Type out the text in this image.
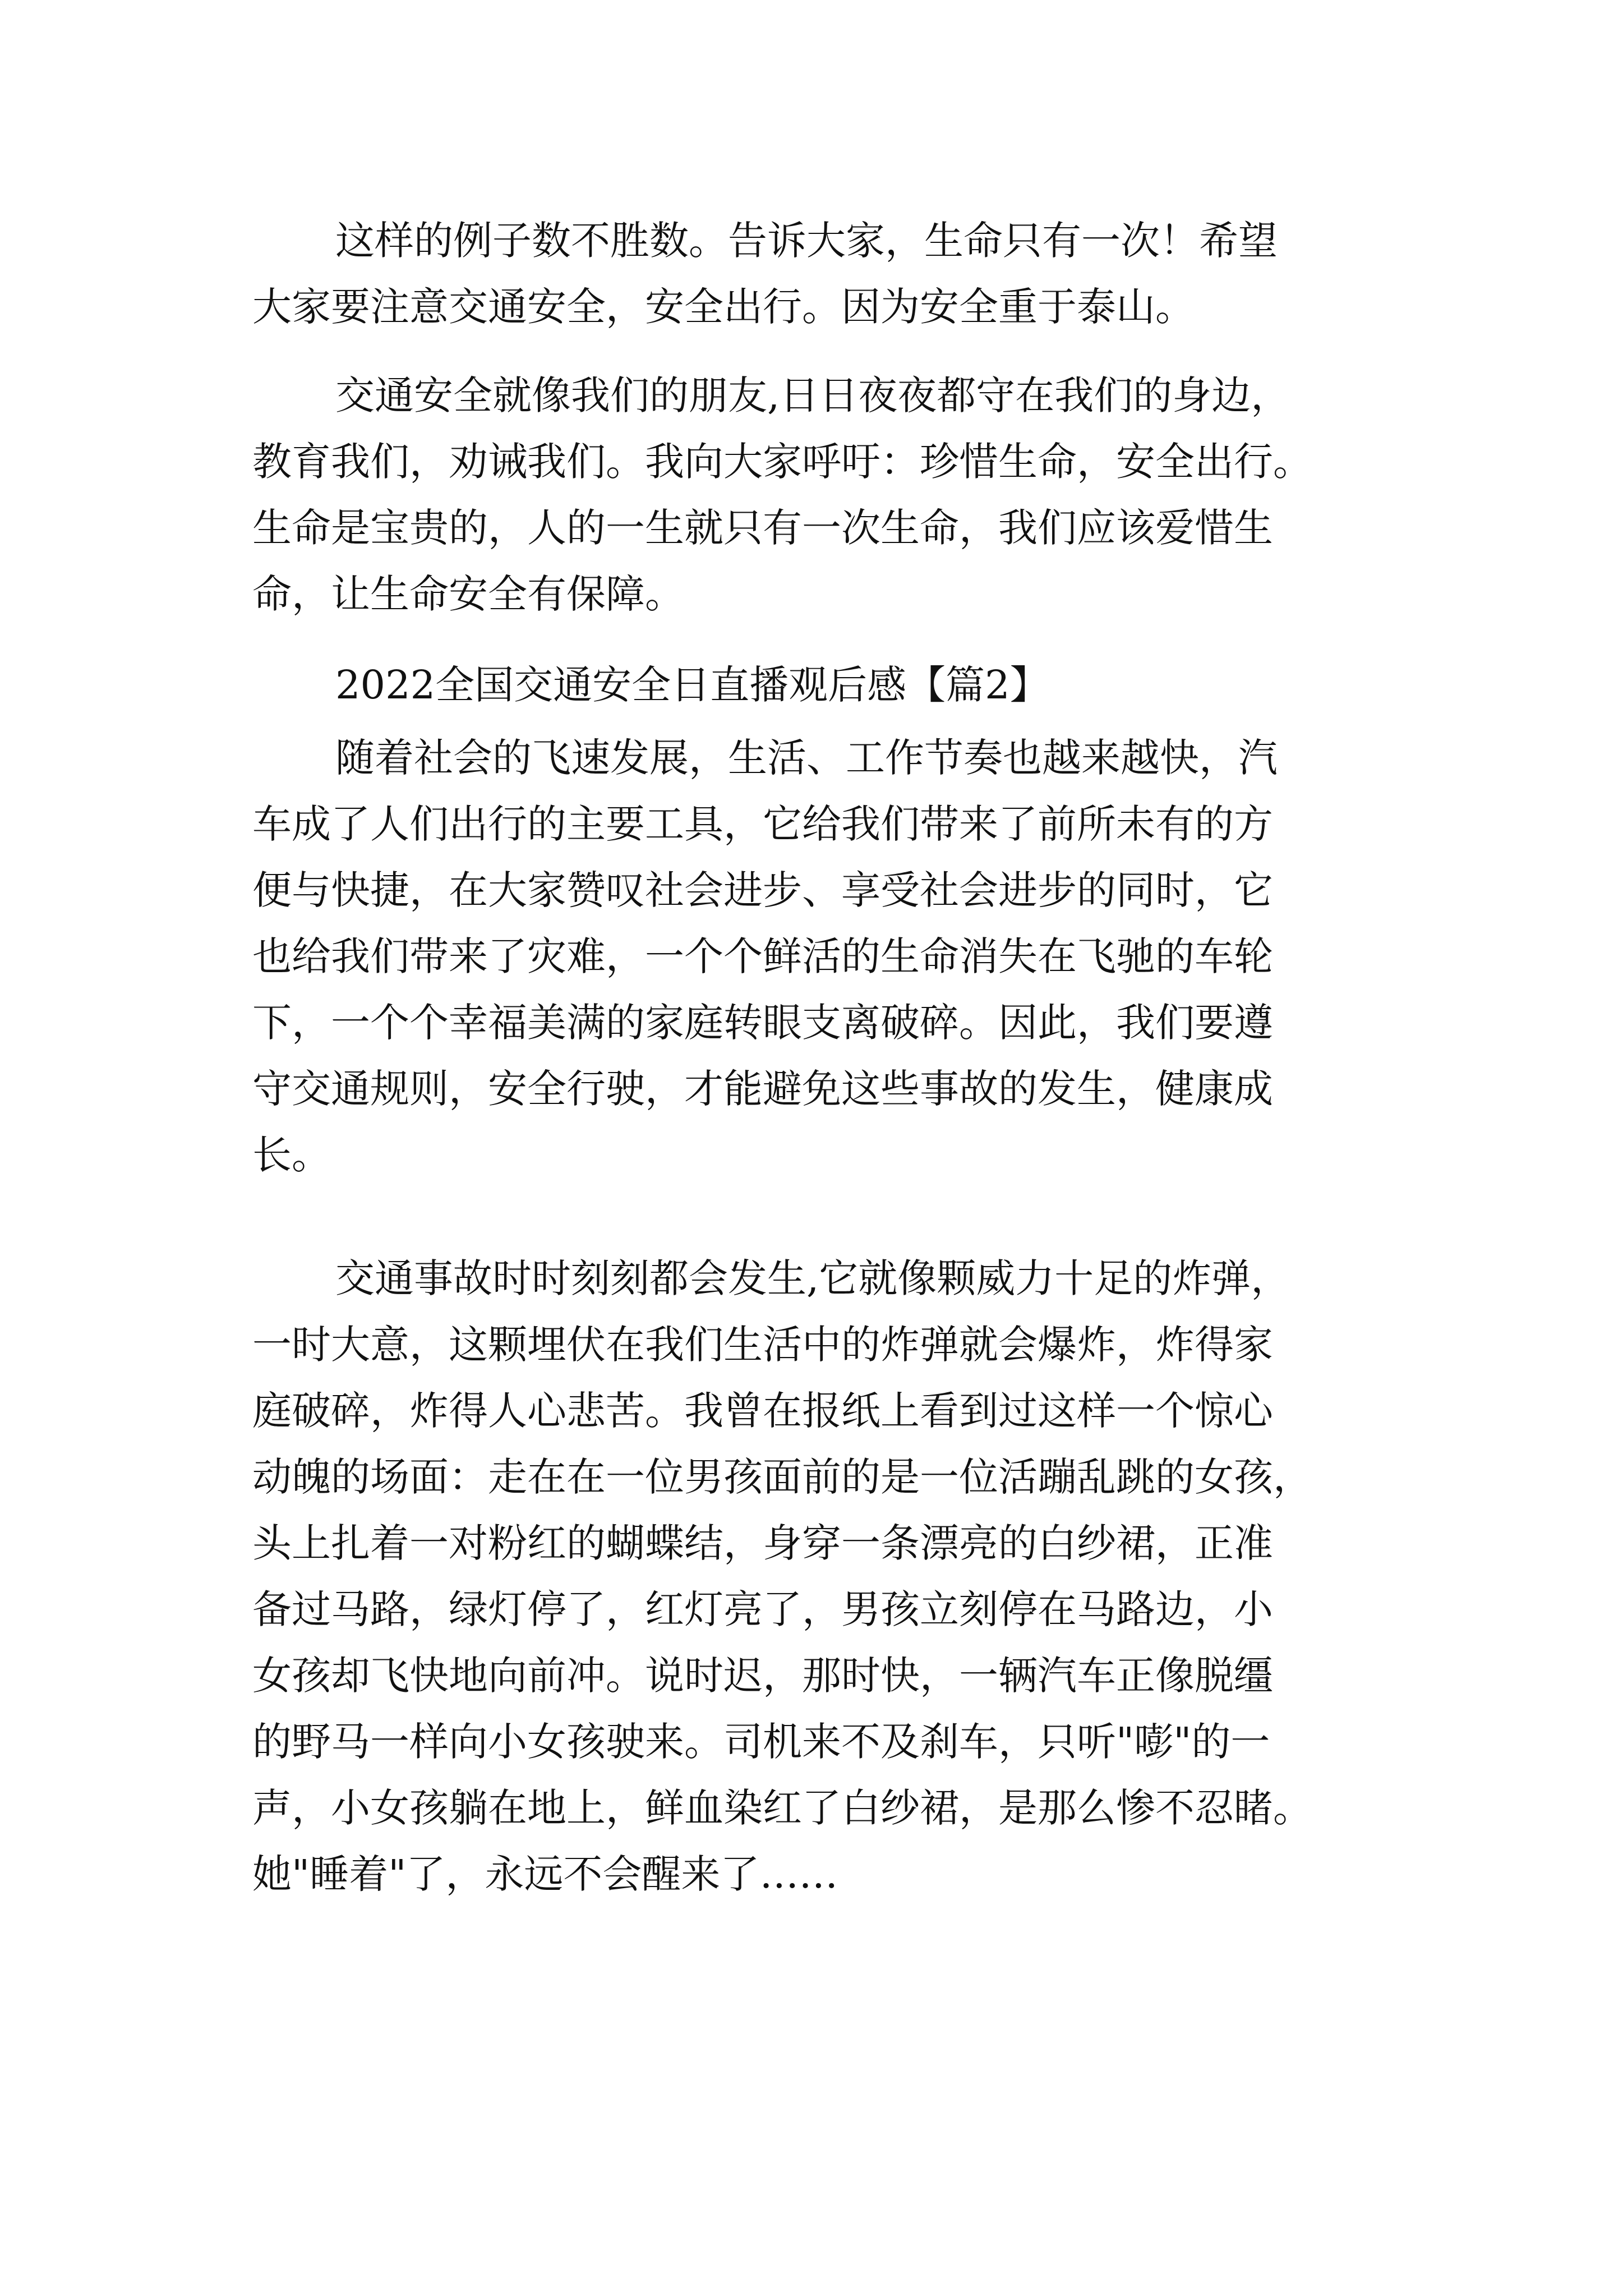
这样的例子数不胜数。告诉大家，生命只有一次！希望
大家要注意交通安全，安全出行。因为安全重于泰山。
交通安全就像我们的朋友,日日夜夜都守在我们的身边，
教育我们，劝诫我们。我向大家呼吁：珍惜生命，安全出行。
生命是宝贵的，人的一生就只有一次生命，我们应该爱惜生
命，让生命安全有保障。
2022全国交通安全日直播观后感【篇2】
随着社会的飞速发展，生活、工作节奏也越来越快，汽
车成了人们出行的主要工具，它给我们带来了前所未有的方
便与快捷，在大家赞叹社会进步、享受社会进步的同时，它
也给我们带来了灾难，一个个鲜活的生命消失在飞驰的车轮
下，一个个幸福美满的家庭转眼支离破碎。因此，我们要遵
守交通规则，安全行驶，才能避免这些事故的发生，健康成
长。
交通事故时时刻刻都会发生,它就像颗威力十足的炸弹，
一时大意，这颗埋伏在我们生活中的炸弹就会爆炸，炸得家
庭破碎，炸得人心悲苦。我曾在报纸上看到过这样一个惊心
动魄的场面：走在在一位男孩面前的是一位活蹦乱跳的女孩，
头上扎着一对粉红的蝴蝶结，身穿一条漂亮的白纱裙，正准
备过马路，绿灯停了，红灯亮了，男孩立刻停在马路边，小
女孩却飞快地向前冲。说时迟，那时快，一辆汽车正像脱缰
的野马一样向小女孩驶来。司机来不及刹车，只听"嘭"的一
声，小女孩躺在地上，鲜血染红了白纱裙，是那么惨不忍睹。
她"睡着"了，永远不会醒来了……
